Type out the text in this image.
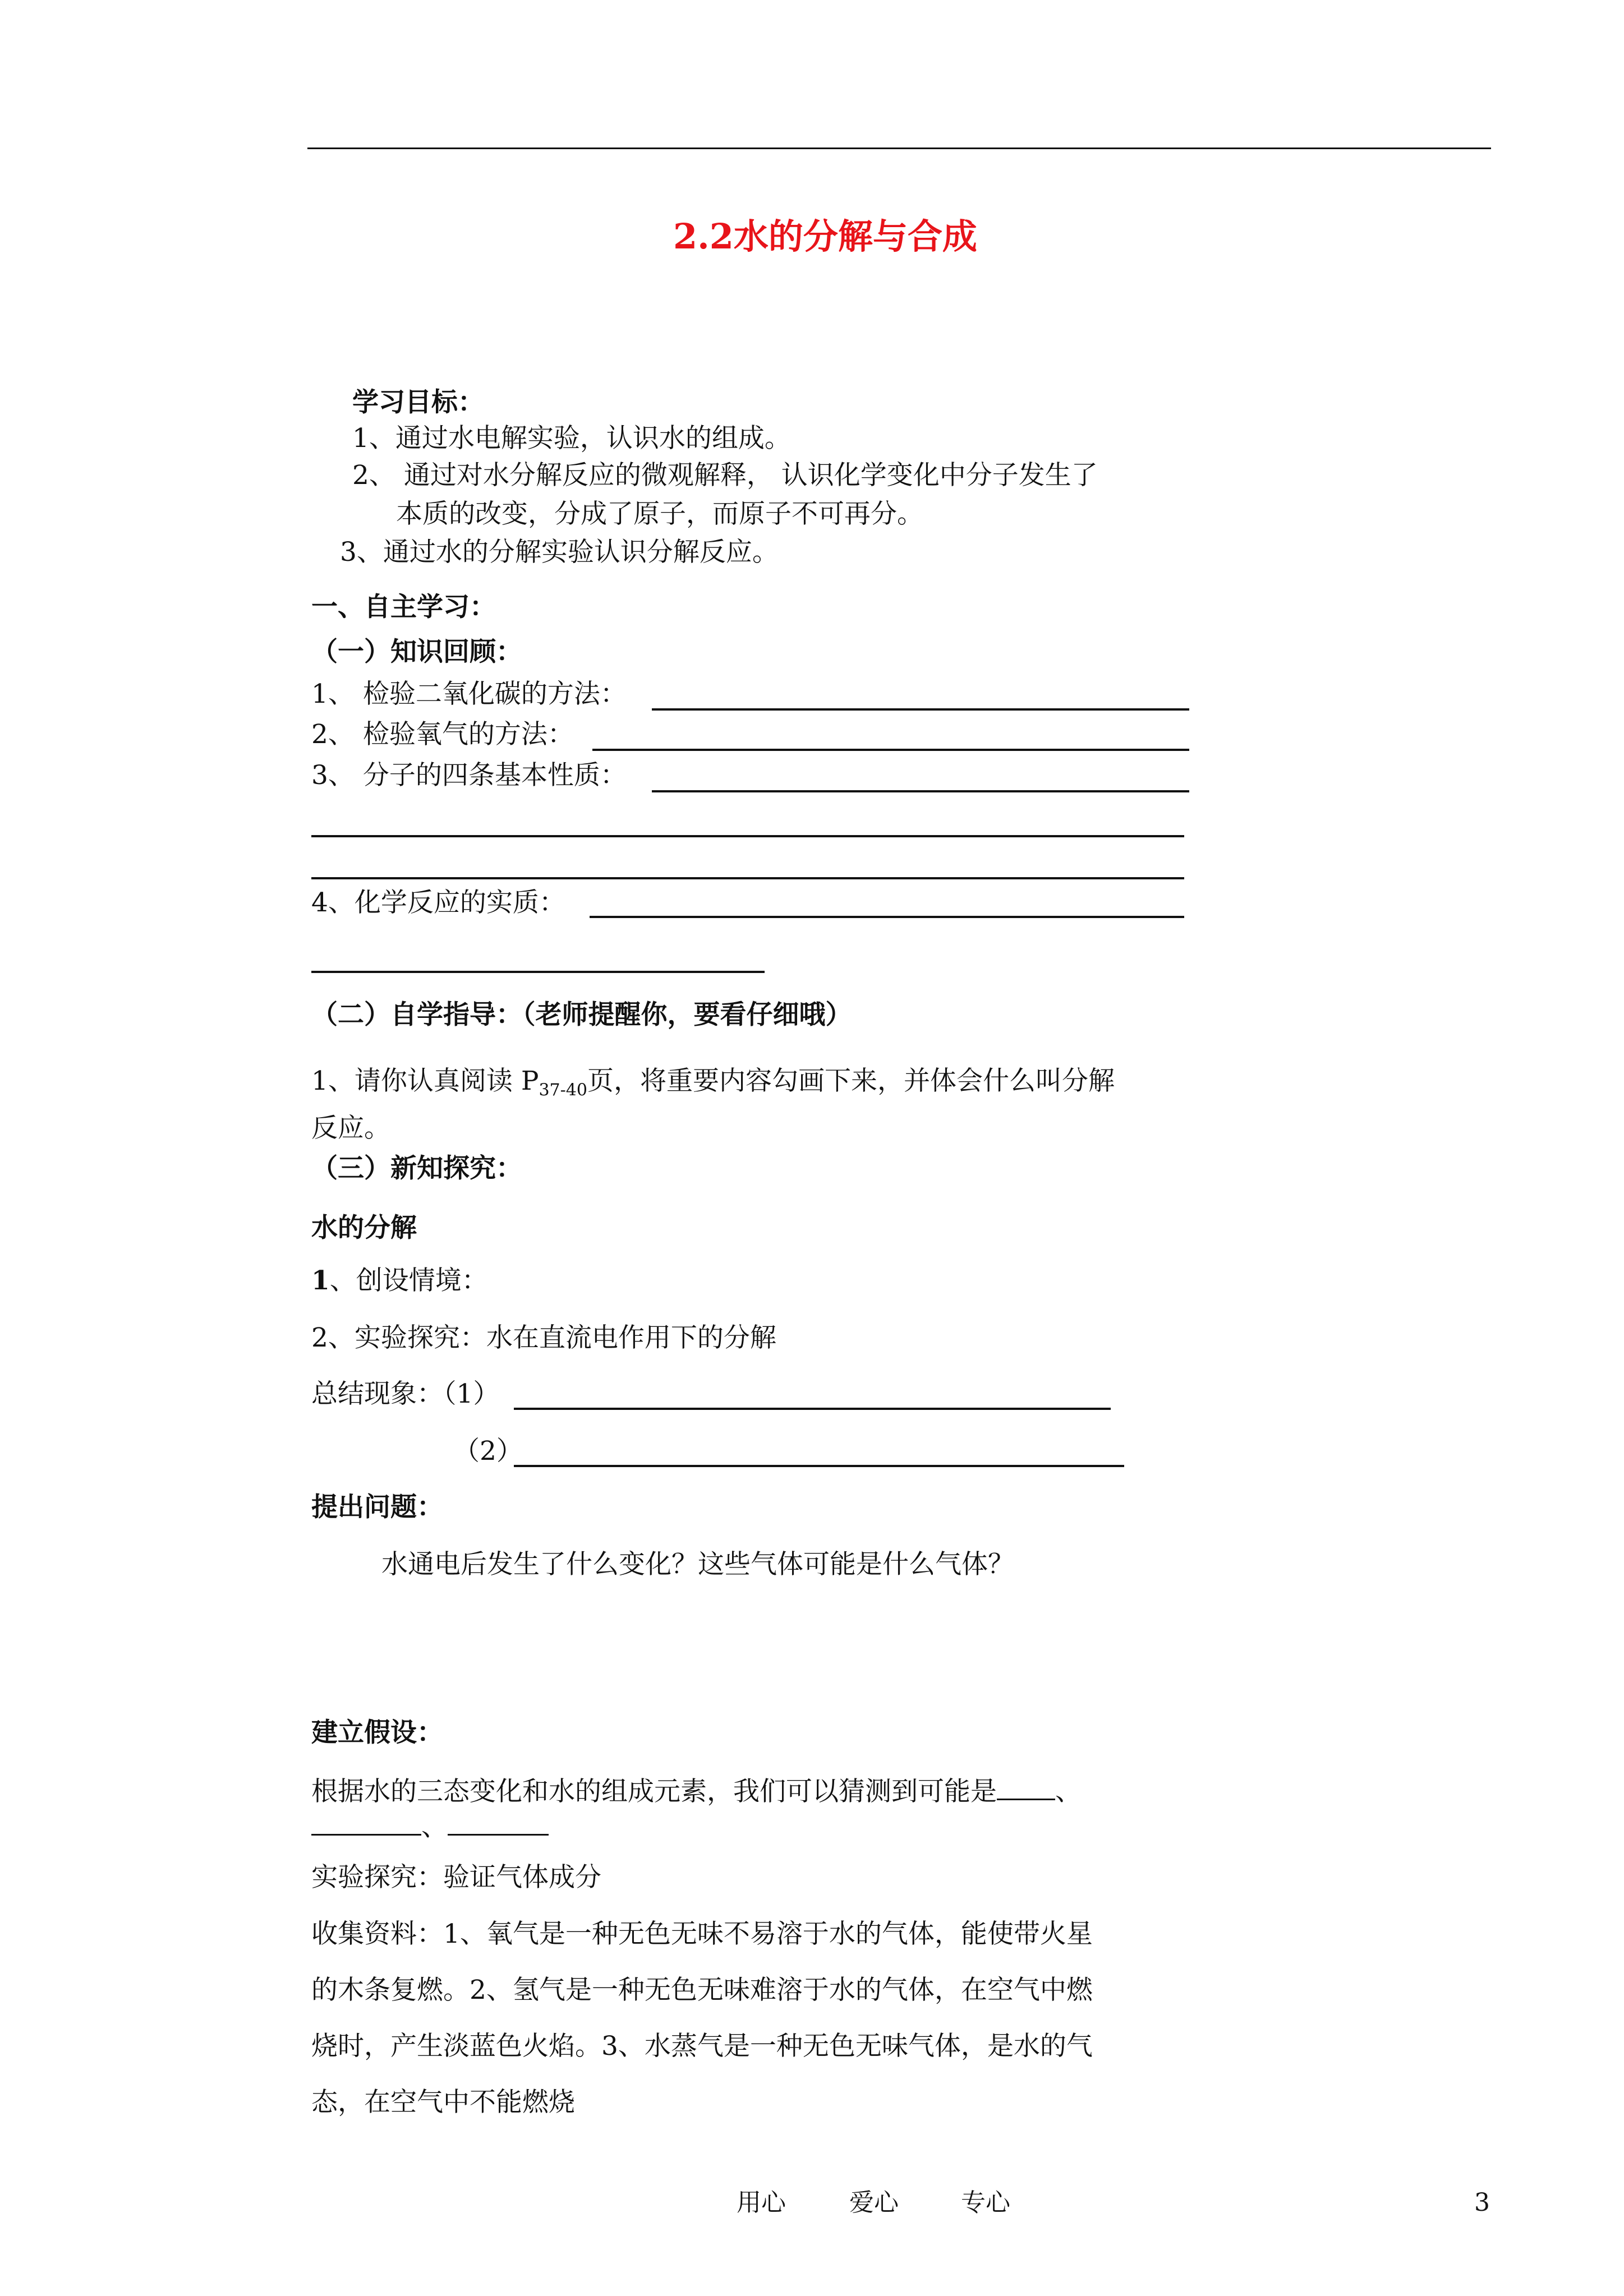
2.2水的分解与合成
学习目标：
1、通过水电解实验，认识水的组成。
2、 通过对水分解反应的微观解释， 认识化学变化中分子发生了
本质的改变，分成了原子，而原子不可再分。
3、通过水的分解实验认识分解反应。
一、自主学习：
（一）知识回顾：
1、 检验二氧化碳的方法：
2、 检验氧气的方法：
3、 分子的四条基本性质：
4、化学反应的实质：
（二）自学指导：（老师提醒你，要看仔细哦）
1、请你认真阅读 $P_{37-40}$页，将重要内容勾画下来，并体会什么叫分解
反应。
（三）新知探究：
水的分解
1、创设情境：
2、实验探究：水在直流电作用下的分解
总结现象：（1）
（2）
提出问题：
水通电后发生了什么变化？这些气体可能是什么气体？
建立假设：
根据水的三态变化和水的组成元素，我们可以猜测到可能是 、
、
实验探究：验证气体成分
收集资料：1、氧气是一种无色无味不易溶于水的气体，能使带火星
的木条复燃。2、氢气是一种无色无味难溶于水的气体，在空气中燃
烧时，产生淡蓝色火焰。3、水蒸气是一种无色无味气体，是水的气
态，在空气中不能燃烧
用心	爱心	专心	3
